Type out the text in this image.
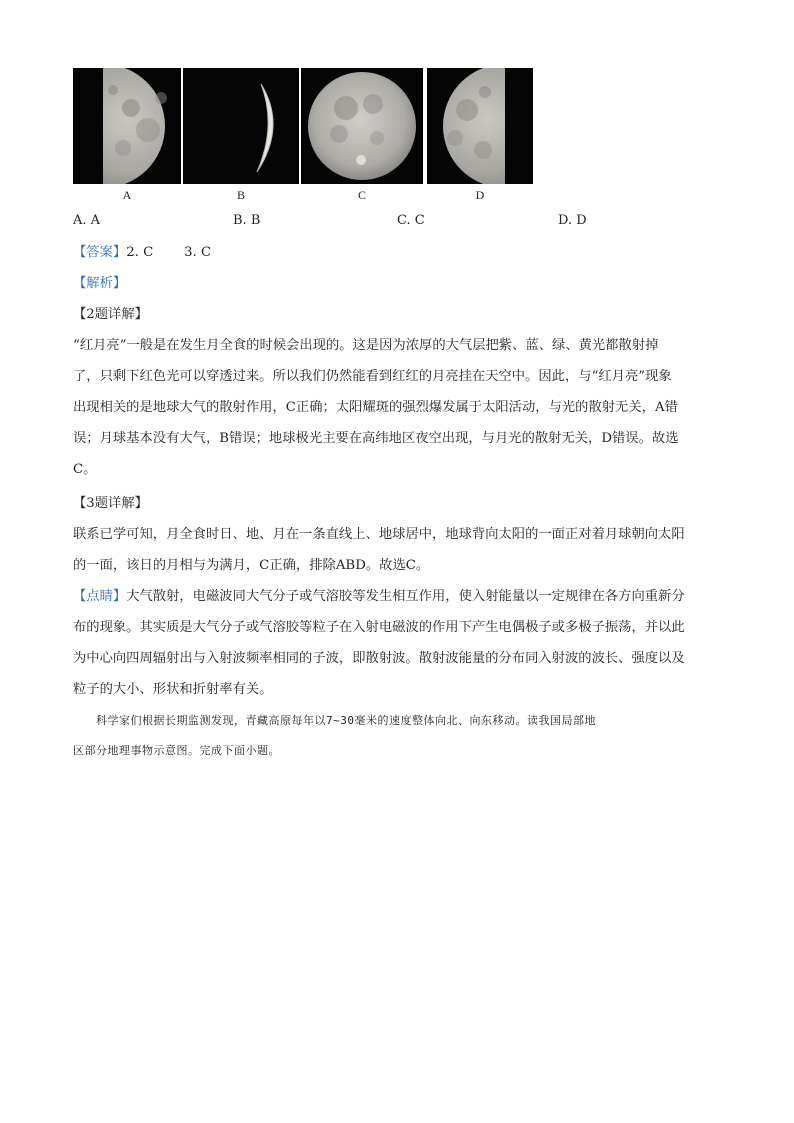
A	B	C	D
A. A	B. B	C. C	D. D
【答案】2. C　　 3. C
【解析】
【2题详解】

“红月亮”一般是在发生月全食的时候会出现的。这是因为浓厚的大气层把紫、蓝、绿、黄光都散射掉

了，只剩下红色光可以穿透过来。所以我们仍然能看到红红的月亮挂在天空中。因此，与“红月亮”现象

出现相关的是地球大气的散射作用，C正确；太阳耀斑的强烈爆发属于太阳活动，与光的散射无关，A错

误；月球基本没有大气，B错误；地球极光主要在高纬地区夜空出现，与月光的散射无关，D错误。故选

C。

【3题详解】

联系已学可知，月全食时日、地、月在一条直线上、地球居中，地球背向太阳的一面正对着月球朝向太阳

的一面，该日的月相与为满月，C正确，排除ABD。故选C。

【点睛】大气散射，电磁波同大气分子或气溶胶等发生相互作用，使入射能量以一定规律在各方向重新分

布的现象。其实质是大气分子或气溶胶等粒子在入射电磁波的作用下产生电偶极子或多极子振荡，并以此

为中心向四周辐射出与入射波频率相同的子波，即散射波。散射波能量的分布同入射波的波长、强度以及

粒子的大小、形状和折射率有关。

　　科学家们根据长期监测发现，青藏高原每年以7~30毫米的速度整体向北、向东移动。读我国局部地
区部分地理事物示意图。完成下面小题。
